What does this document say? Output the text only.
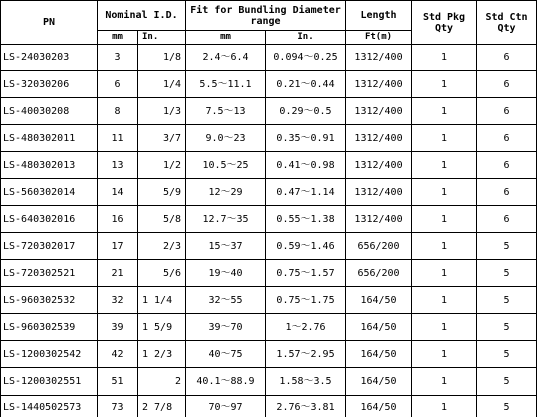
PN	Nominal I.D.		Fit for Bundling Diameter range		Length	Std Pkg Qty	Std Ctn Qty
	mm	In.	mm	In.	Ft(m)		
LS-24030203	3	1/8	2.4～6.4	0.094～0.25	1312/400	1	6
LS-32030206	6	1/4	5.5～11.1	0.21～0.44	1312/400	1	6
LS-40030208	8	1/3	7.5～13	0.29～0.5	1312/400	1	6
LS-480302011	11	3/7	9.0～23	0.35～0.91	1312/400	1	6
LS-480302013	13	1/2	10.5～25	0.41～0.98	1312/400	1	6
LS-560302014	14	5/9	12～29	0.47～1.14	1312/400	1	6
LS-640302016	16	5/8	12.7～35	0.55～1.38	1312/400	1	6
LS-720302017	17	2/3	15～37	0.59～1.46	656/200	1	5
LS-720302521	21	5/6	19～40	0.75～1.57	656/200	1	5
LS-960302532	32	1 1/4	32～55	0.75～1.75	164/50	1	5
LS-960302539	39	1 5/9	39～70	1～2.76	164/50	1	5
LS-1200302542	42	1 2/3	40～75	1.57～2.95	164/50	1	5
LS-1200302551	51	2	40.1～88.9	1.58～3.5	164/50	1	5
LS-1440502573	73	2 7/8	70～97	2.76～3.81	164/50	1	5
